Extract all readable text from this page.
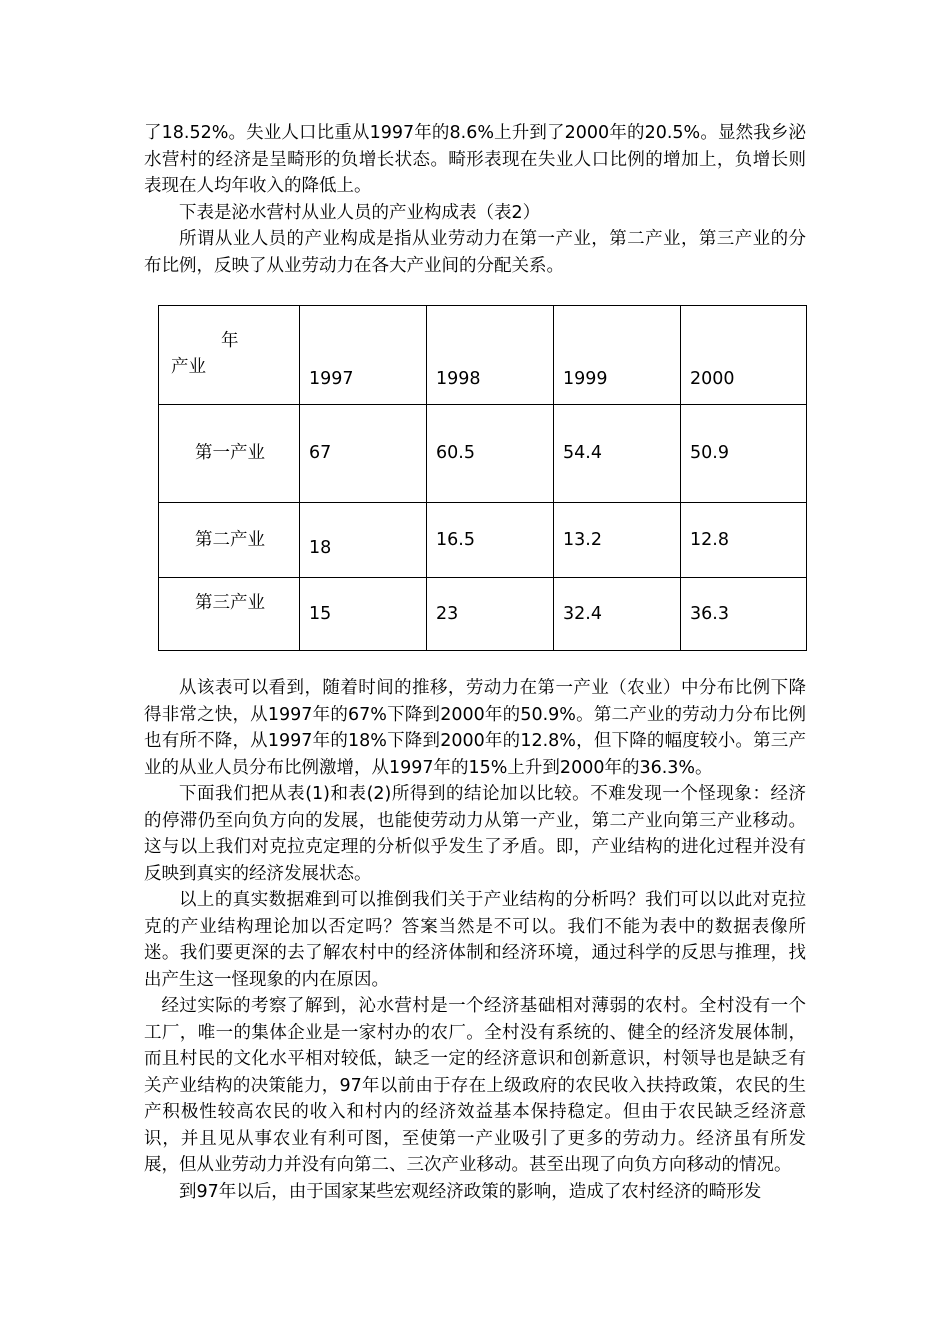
了18.52%。失业人口比重从1997年的8.6%上升到了2000年的20.5%。显然我乡泌水营村的经济是呈畸形的负增长状态。畸形表现在失业人口比例的增加上，负增长则表现在人均年收入的降低上。

下表是泌水营村从业人员的产业构成表（表2）

所谓从业人员的产业构成是指从业劳动力在第一产业，第二产业，第三产业的分布比例，反映了从业劳动力在各大产业间的分配关系。

年
产业	1997	1998	1999	2000
第一产业	67	60.5	54.4	50.9
第二产业	18	16.5	13.2	12.8
第三产业	15	23	32.4	36.3

从该表可以看到，随着时间的推移，劳动力在第一产业（农业）中分布比例下降得非常之快，从1997年的67%下降到2000年的50.9%。第二产业的劳动力分布比例也有所不降，从1997年的18%下降到2000年的12.8%，但下降的幅度较小。第三产业的从业人员分布比例激增，从1997年的15%上升到2000年的36.3%。

下面我们把从表(1)和表(2)所得到的结论加以比较。不难发现一个怪现象：经济的停滞仍至向负方向的发展，也能使劳动力从第一产业，第二产业向第三产业移动。这与以上我们对克拉克定理的分析似乎发生了矛盾。即，产业结构的进化过程并没有反映到真实的经济发展状态。

以上的真实数据难到可以推倒我们关于产业结构的分析吗？我们可以以此对克拉克的产业结构理论加以否定吗？答案当然是不可以。我们不能为表中的数据表像所迷。我们要更深的去了解农村中的经济体制和经济环境，通过科学的反思与推理，找出产生这一怪现象的内在原因。

经过实际的考察了解到，沁水营村是一个经济基础相对薄弱的农村。全村没有一个工厂，唯一的集体企业是一家村办的农厂。全村没有系统的、健全的经济发展体制，而且村民的文化水平相对较低，缺乏一定的经济意识和创新意识，村领导也是缺乏有关产业结构的决策能力，97年以前由于存在上级政府的农民收入扶持政策，农民的生产积极性较高农民的收入和村内的经济效益基本保持稳定。但由于农民缺乏经济意识，并且见从事农业有利可图，至使第一产业吸引了更多的劳动力。经济虽有所发展，但从业劳动力并没有向第二、三次产业移动。甚至出现了向负方向移动的情况。

到97年以后，由于国家某些宏观经济政策的影响，造成了农村经济的畸形发
